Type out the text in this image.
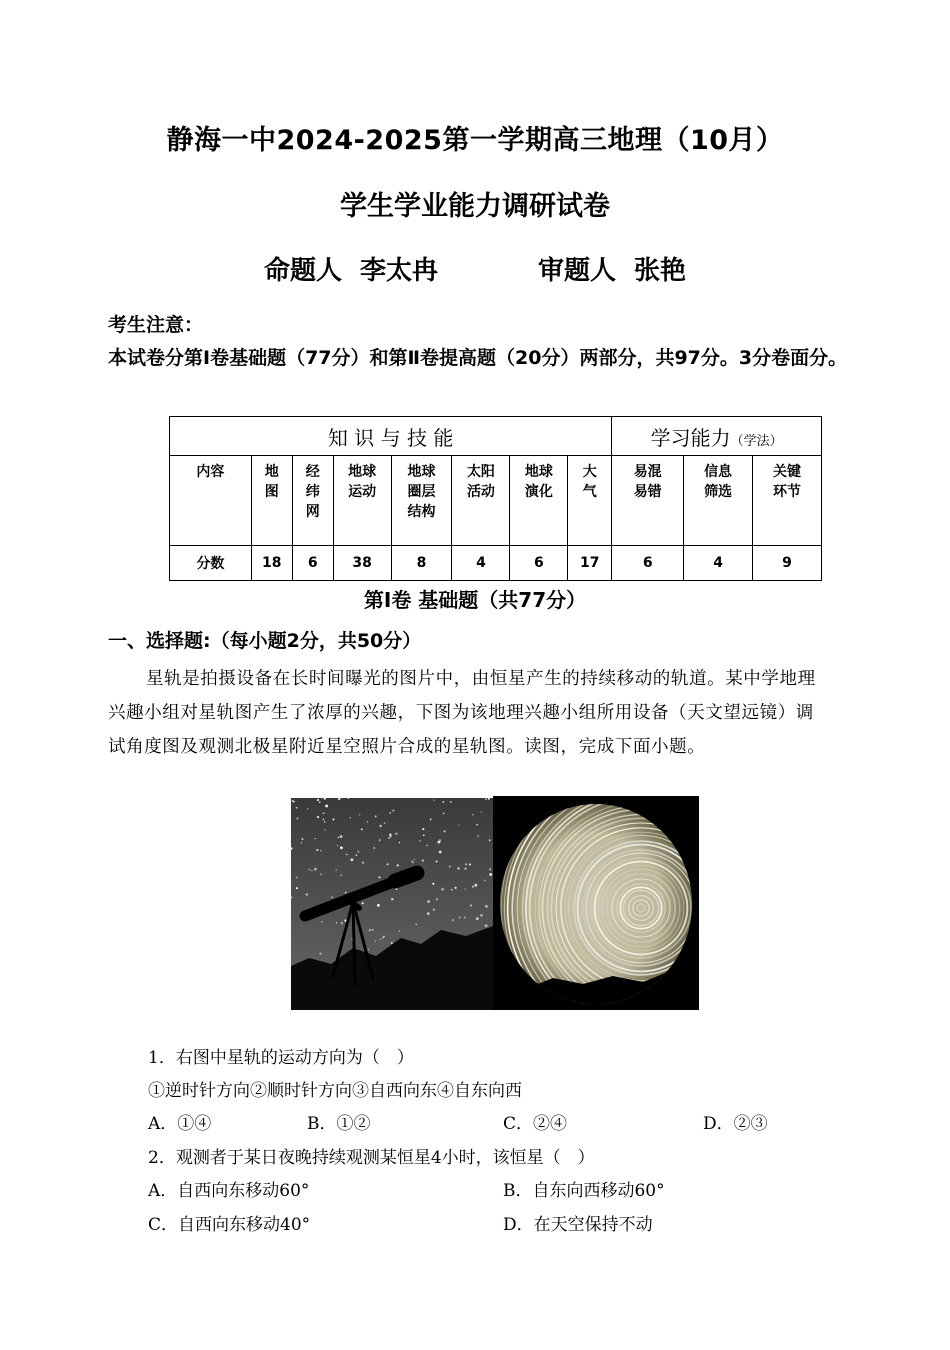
静海一中2024-2025第一学期高三地理（10月）
学生学业能力调研试卷
命题人 李太冉	审题人 张艳
考生注意：
本试卷分第Ⅰ卷基础题（77分）和第Ⅱ卷提高题（20分）两部分，共97分。3分卷面分。
知 识 与 技 能								学习能力（学法）		
内容	地图	经纬网	地球运动	地球圈层结构	太阳活动	地球演化	大气	易混易错	信息筛选	关键环节
分数	18	6	38	8	4	6	17	6	4	9
第Ⅰ卷 基础题（共77分）
一、选择题:（每小题2分，共50分）
星轨是拍摄设备在长时间曝光的图片中，由恒星产生的持续移动的轨道。某中学地理兴趣小组对星轨图产生了浓厚的兴趣，下图为该地理兴趣小组所用设备（天文望远镜）调试角度图及观测北极星附近星空照片合成的星轨图。读图，完成下面小题。
1．右图中星轨的运动方向为（　）
①逆时针方向②顺时针方向③自西向东④自东向西
A．①④	B．①②	C．②④	D．②③
2．观测者于某日夜晚持续观测某恒星4小时，该恒星（　）
A．自西向东移动60°	B．自东向西移动60°
C．自西向东移动40°	D．在天空保持不动
